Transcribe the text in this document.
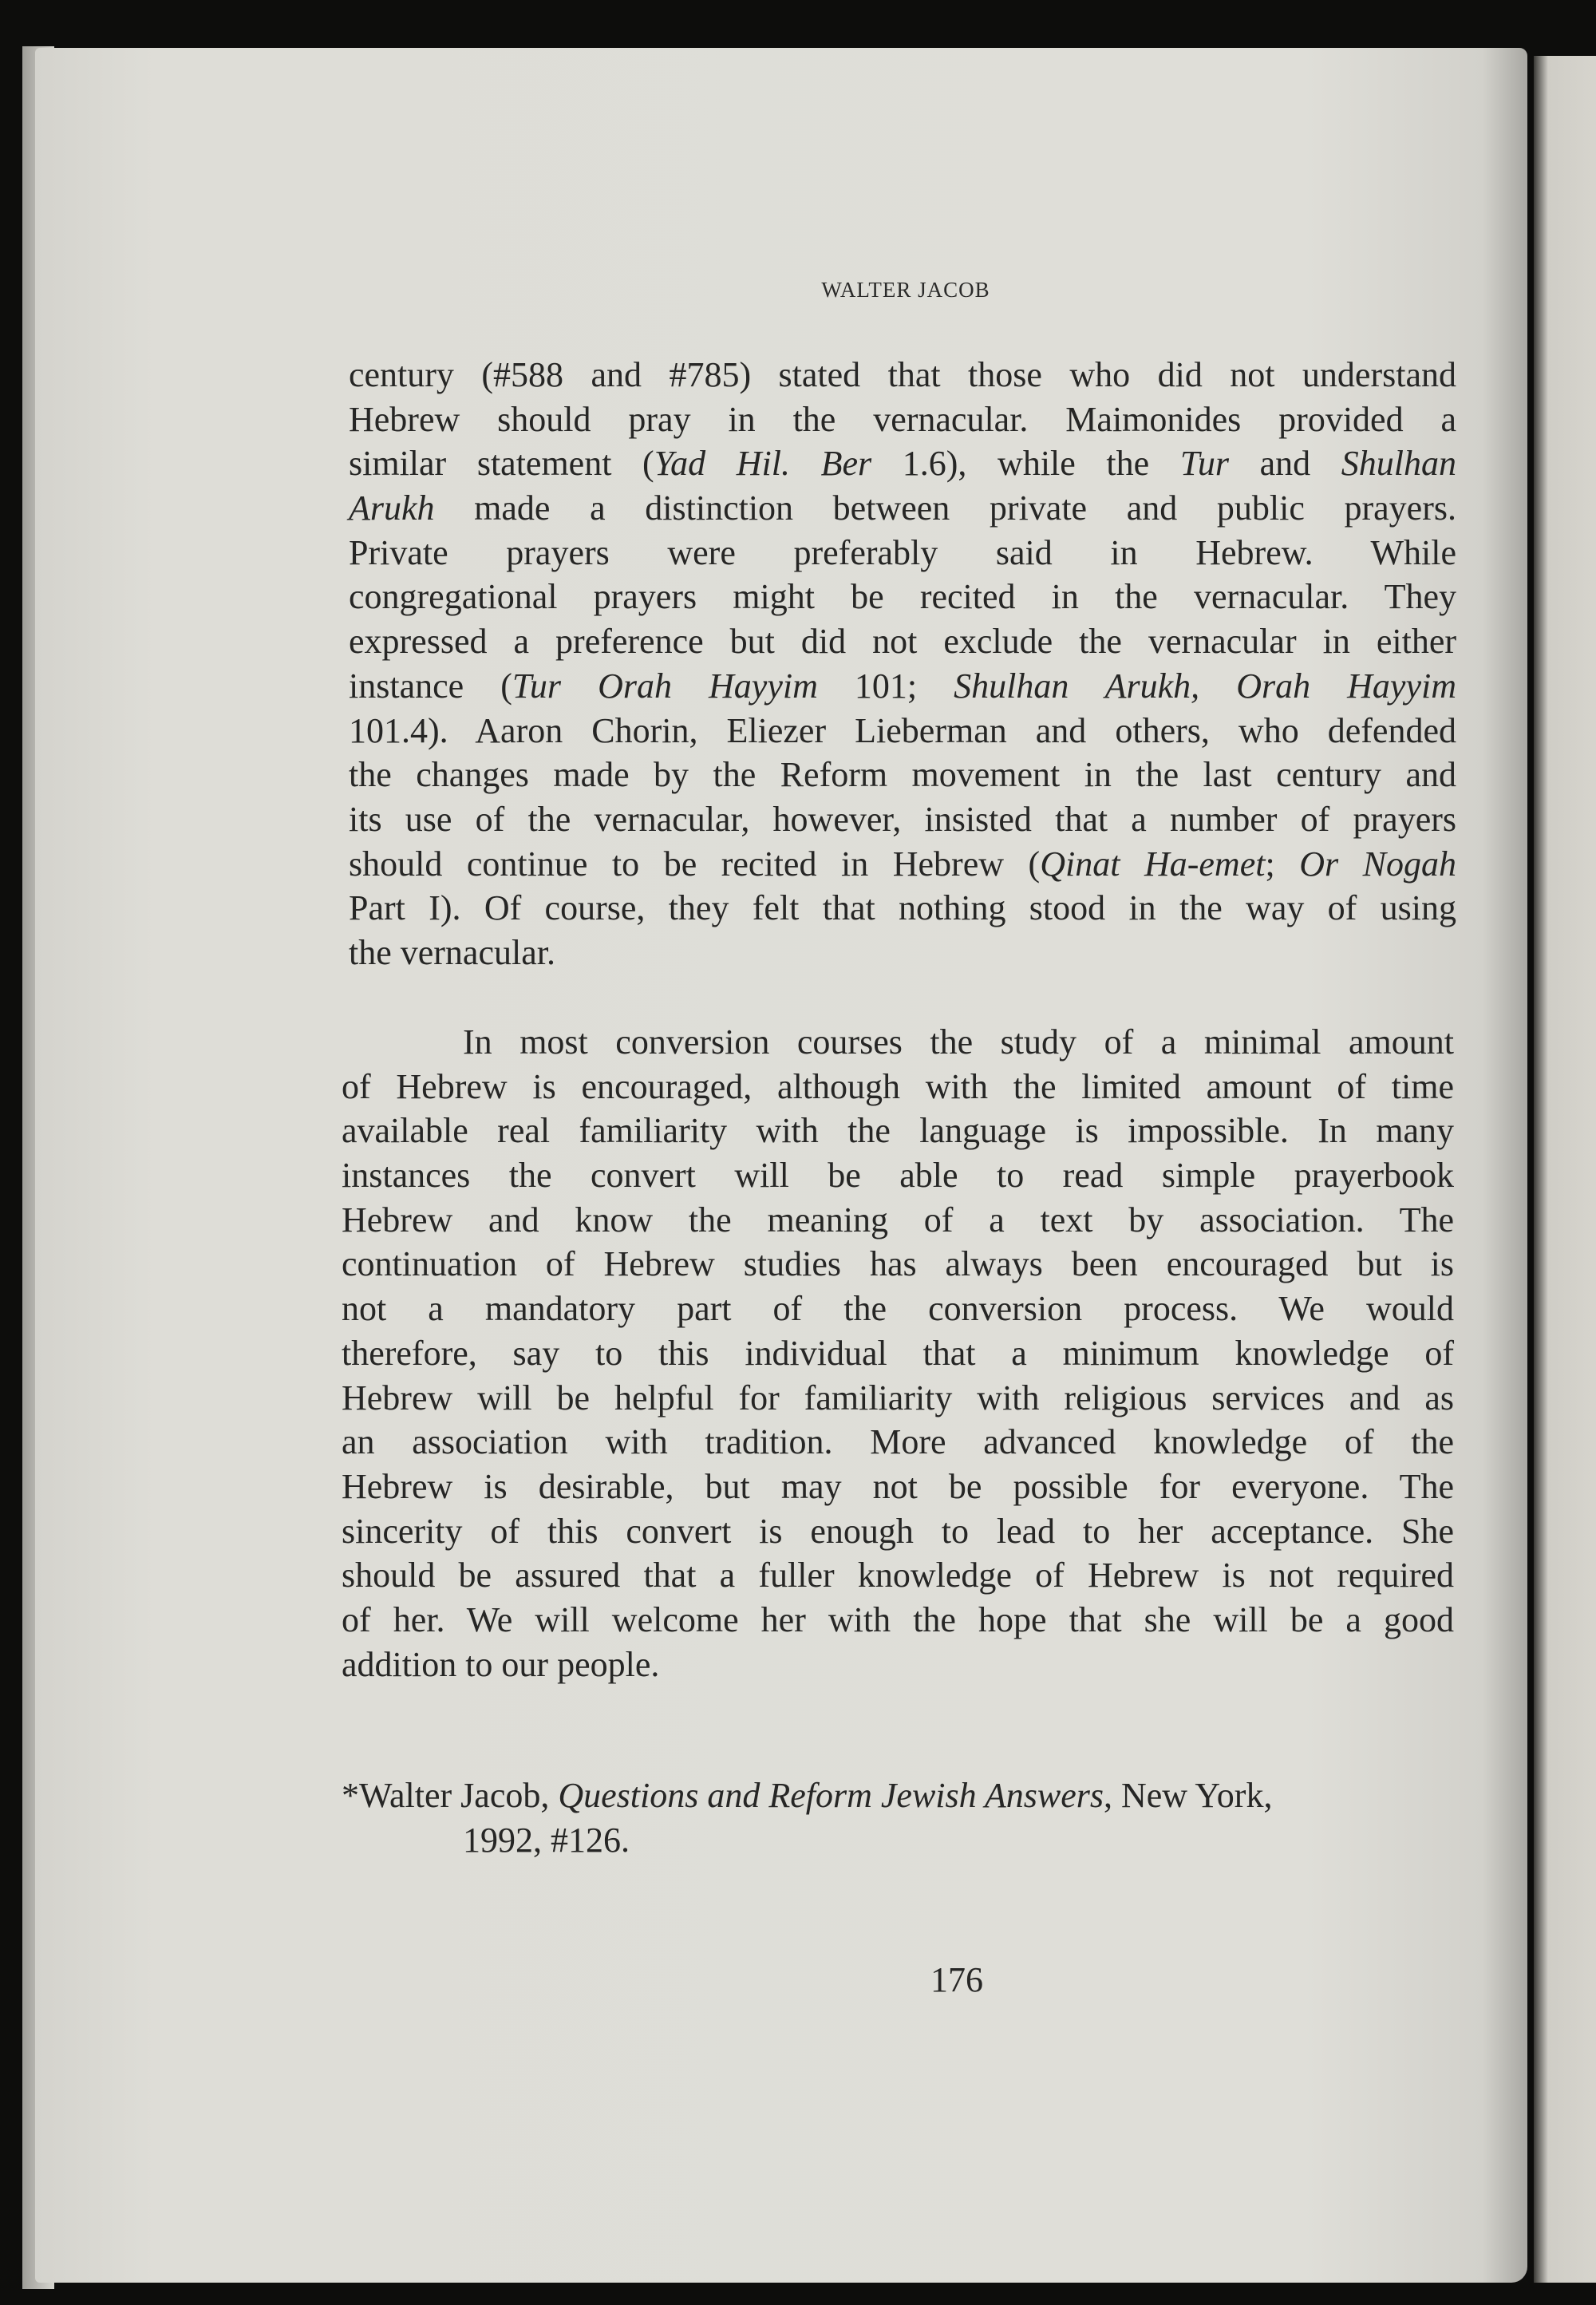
WALTER JACOB
century (#588 and #785) stated that those who did not understand
Hebrew should pray in the vernacular. Maimonides provided a
similar statement (Yad Hil. Ber 1.6), while the Tur and Shulhan
Arukh made a distinction between private and public prayers.
Private prayers were preferably said in Hebrew. While
congregational prayers might be recited in the vernacular. They
expressed a preference but did not exclude the vernacular in either
instance (Tur Orah Hayyim 101; Shulhan Arukh, Orah Hayyim
101.4). Aaron Chorin, Eliezer Lieberman and others, who defended
the changes made by the Reform movement in the last century and
its use of the vernacular, however, insisted that a number of prayers
should continue to be recited in Hebrew (Qinat Ha-emet; Or Nogah
Part I). Of course, they felt that nothing stood in the way of using
the vernacular.
In most conversion courses the study of a minimal amount
of Hebrew is encouraged, although with the limited amount of time
available real familiarity with the language is impossible. In many
instances the convert will be able to read simple prayerbook
Hebrew and know the meaning of a text by association. The
continuation of Hebrew studies has always been encouraged but is
not a mandatory part of the conversion process. We would
therefore, say to this individual that a minimum knowledge of
Hebrew will be helpful for familiarity with religious services and as
an association with tradition. More advanced knowledge of the
Hebrew is desirable, but may not be possible for everyone. The
sincerity of this convert is enough to lead to her acceptance. She
should be assured that a fuller knowledge of Hebrew is not required
of her. We will welcome her with the hope that she will be a good
addition to our people.
*Walter Jacob, Questions and Reform Jewish Answers, New York,
1992, #126.
176
